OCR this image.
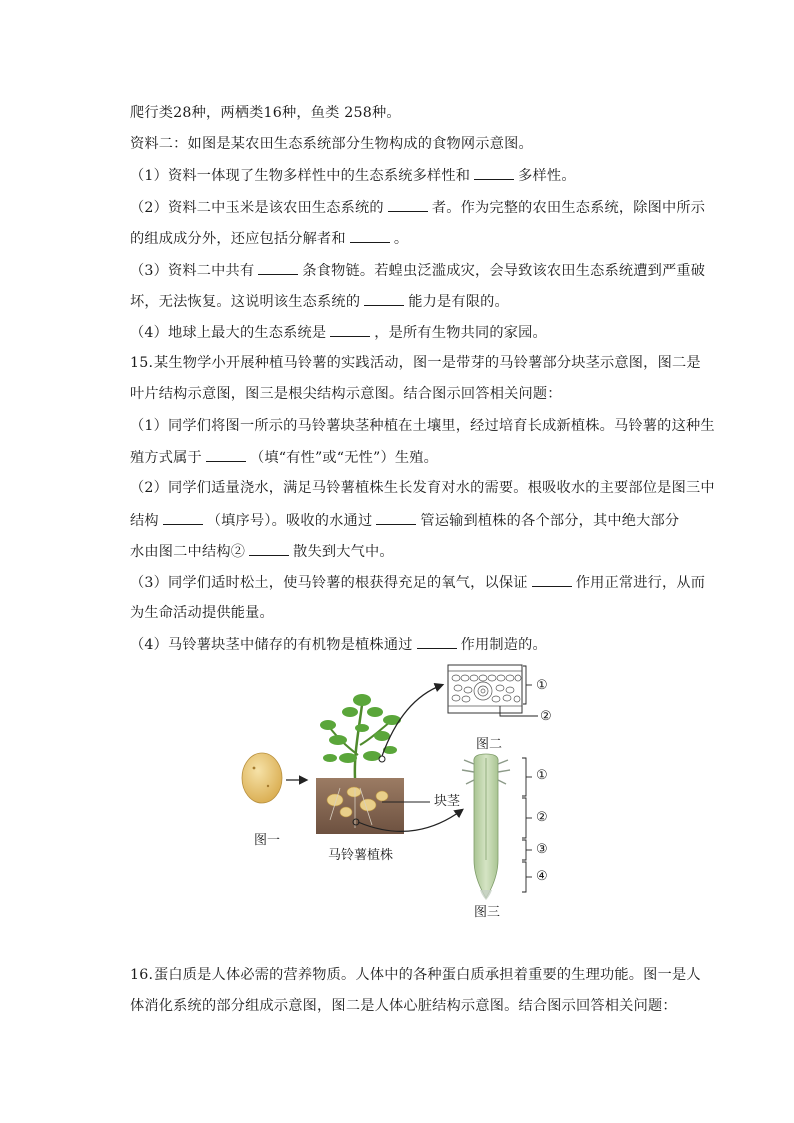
爬行类28种，两栖类16种，鱼类 258种。
资料二：如图是某农田生态系统部分生物构成的食物网示意图。
（1）资料一体现了生物多样性中的生态系统多样性和	多样性。
（2）资料二中玉米是该农田生态系统的	者。作为完整的农田生态系统，除图中所示
的组成成分外，还应包括分解者和	。
（3）资料二中共有	条食物链。若蝗虫泛滥成灾，会导致该农田生态系统遭到严重破
坏，无法恢复。这说明该生态系统的	能力是有限的。
（4）地球上最大的生态系统是	，是所有生物共同的家园。
15.某生物学小开展种植马铃薯的实践活动，图一是带芽的马铃薯部分块茎示意图，图二是
叶片结构示意图，图三是根尖结构示意图。结合图示回答相关问题：
（1）同学们将图一所示的马铃薯块茎种植在土壤里，经过培育长成新植株。马铃薯的这种生
殖方式属于	（填“有性”或“无性”）生殖。
（2）同学们适量浇水，满足马铃薯植株生长发育对水的需要。根吸收水的主要部位是图三中
结构	（填序号）。吸收的水通过	管运输到植株的各个部分，其中绝大部分
水由图二中结构②	散失到大气中。
（3）同学们适时松土，使马铃薯的根获得充足的氧气，以保证	作用正常进行，从而
为生命活动提供能量。
（4）马铃薯块茎中储存的有机物是植株通过	作用制造的。
图二
①
②
块茎
图一
马铃薯植株
①
②
③
④
图三
16.蛋白质是人体必需的营养物质。人体中的各种蛋白质承担着重要的生理功能。图一是人
体消化系统的部分组成示意图，图二是人体心脏结构示意图。结合图示回答相关问题：
